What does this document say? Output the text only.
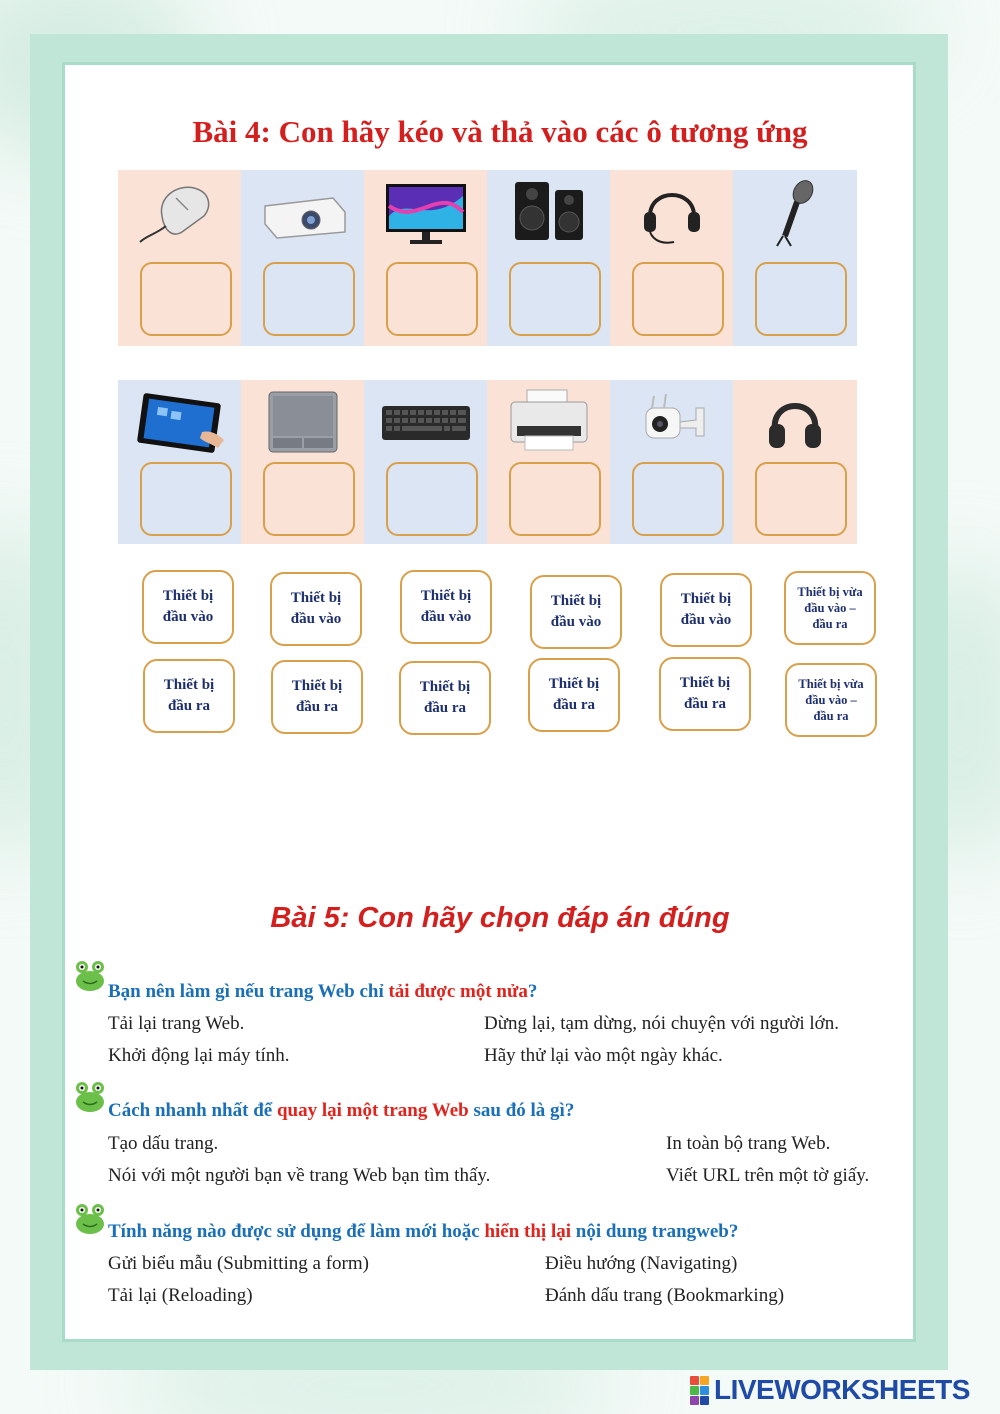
Bài 4: Con hãy kéo và thả vào các ô tương ứng
Thiết bị
đầu vào
Thiết bị
đầu vào
Thiết bị
đầu vào
Thiết bị
đầu vào
Thiết bị
đầu vào
Thiết bị vừa
đầu vào –
đầu ra
Thiết bị
đầu ra
Thiết bị
đầu ra
Thiết bị
đầu ra
Thiết bị
đầu ra
Thiết bị
đầu ra
Thiết bị vừa
đầu vào –
đầu ra
Bài 5: Con hãy chọn đáp án đúng
Bạn nên làm gì nếu trang Web chỉ tải được một nửa?
Tải lại trang Web.	Dừng lại, tạm dừng, nói chuyện với người lớn.
Khởi động lại máy tính.	Hãy thử lại vào một ngày khác.
Cách nhanh nhất để quay lại một trang Web sau đó là gì?
Tạo dấu trang.	In toàn bộ trang Web.
Nói với một người bạn về trang Web bạn tìm thấy.	Viết URL trên một tờ giấy.
Tính năng nào được sử dụng để làm mới hoặc hiển thị lại nội dung trangweb?
Gửi biểu mẫu (Submitting a form)	Điều hướng (Navigating)
Tải lại (Reloading)	Đánh dấu trang (Bookmarking)
LIVEWORKSHEETS
